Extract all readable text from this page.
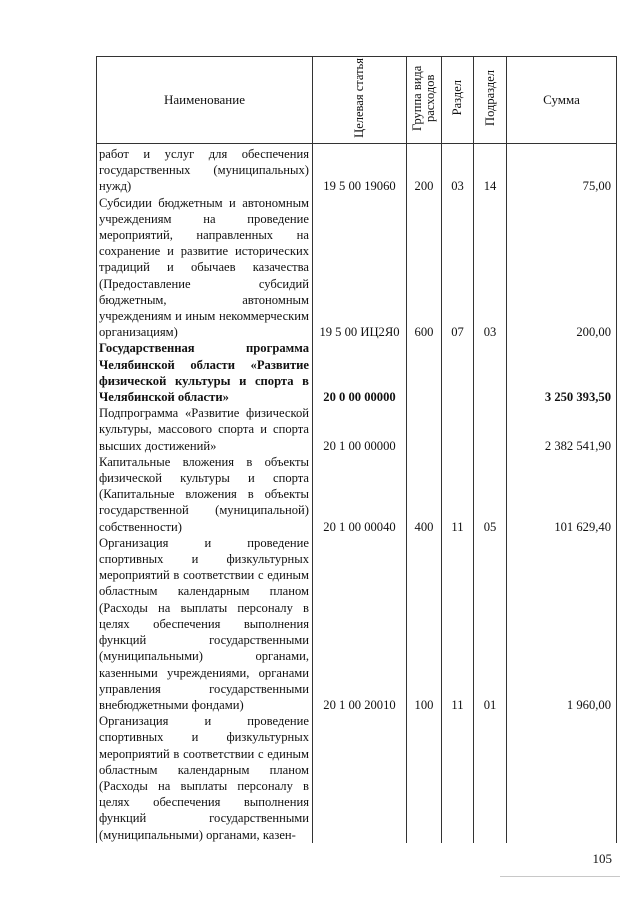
Наименование	Целевая статья	Группа вида расходов	Раздел	Подраздел	Сумма
работ и услуг для обеспечения государственных (муниципальных) нужд)	19 5 00 19060	200	03	14	75,00
Субсидии бюджетным и автономным учреждениям на проведение мероприятий, направленных на сохранение и развитие исторических традиций и обычаев казачества (Предоставление субсидий бюджетным, автономным учреждениям и иным некоммерческим организациям)	19 5 00 ИЦ2Я0	600	07	03	200,00
Государственная программа Челябинской области «Развитие физической культуры и спорта в Челябинской области»	20 0 00 00000				3 250 393,50
Подпрограмма «Развитие физической культуры, массового спорта и спорта высших достижений»	20 1 00 00000				2 382 541,90
Капитальные вложения в объекты физической культуры и спорта (Капитальные вложения в объекты государственной (муниципальной) собственности)	20 1 00 00040	400	11	05	101 629,40
Организация и проведение спортивных и физкультурных мероприятий в соответствии с единым областным календарным планом (Расходы на выплаты персоналу в целях обеспечения выполнения функций государственными (муниципальными) органами, казенными учреждениями, органами управления государственными внебюджетными фондами)	20 1 00 20010	100	11	01	1 960,00
Организация и проведение спортивных и физкультурных мероприятий в соответствии с единым областным календарным планом (Расходы на выплаты персоналу в целях обеспечения выполнения функций государственными (муниципальными) органами, казен-					
105
